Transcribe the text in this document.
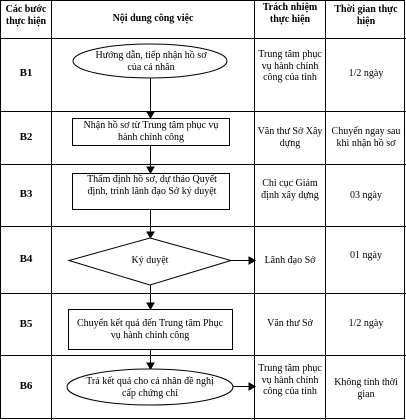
Các bước thực hiện	Nội dung công việc
Trách nhiệm thực hiện
Thời gian thực hiện
B1
B2
B3
B4
B5
B6
Hướng dẫn, tiếp nhận hồ sơ của cá nhân
Nhận hồ sơ từ Trung tâm phục vụ hành chính công
Thẩm định hồ sơ, dự thảo Quyết định, trình lãnh đạo Sở ký duyệt
Ký duyệt
Chuyển kết quả đến Trung tâm Phục vụ hành chính công
Trả kết quả cho cá nhân đề nghị cấp chứng chỉ
Trung tâm phục vụ hành chính công của tỉnh
Văn thư Sở Xây dựng
Chi cục Giám định xây dựng
Lãnh đạo Sở
Văn thư Sở
Trung tâm phục vụ hành chính công của tỉnh
1/2 ngày
Chuyển ngay sau khi nhận hồ sơ
03 ngày
01 ngày
1/2 ngày
Không tính thời gian
